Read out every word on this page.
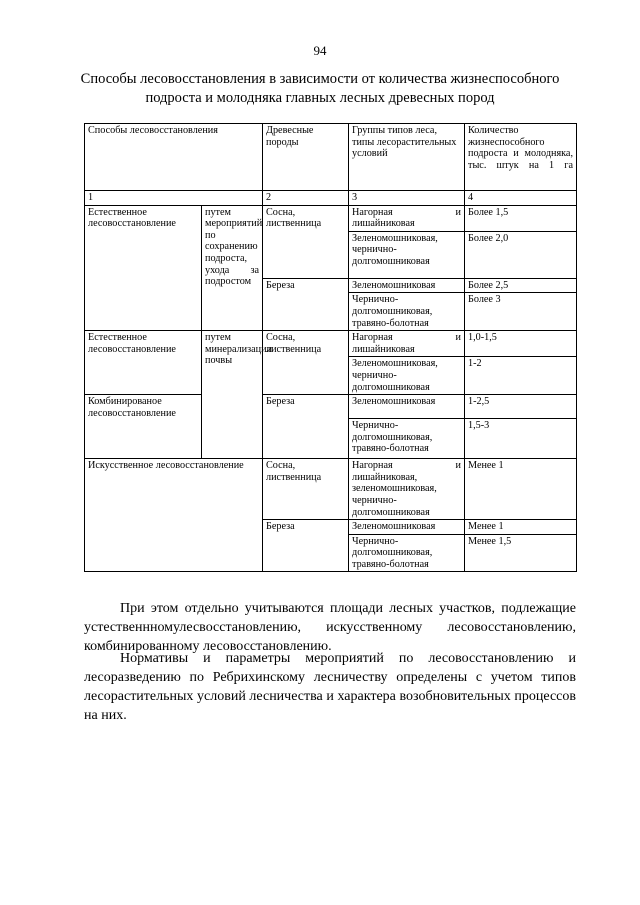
94
Способы лесовосстановления в зависимости от количества жизнеспособного
подроста и молодняка главных лесных древесных пород
Способы лесовосстановления		Древесные породы	Группы типов леса, типы лесорастительных условий	Количество жизнеспособного подроста и молодняка, тыс. штук на 1 га
1		2	3	4
Естественное лесовосстановление	путем мероприятий по сохранению подроста, ухода за подростом	Сосна, лиственница	Нагорная и лишайниковая	Более 1,5
			Зеленомошниковая, чернично-долгомошниковая	Более 2,0
		Береза	Зеленомошниковая	Более 2,5
			Чернично-долгомошниковая, травяно-болотная	Более 3
Естественное лесовосстановление	путем минерализации почвы	Сосна, лиственница	Нагорная и лишайниковая	1,0-1,5
			Зеленомошниковая, чернично-долгомошниковая	1-2
Комбинированое лесовосстановление		Береза	Зеленомошниковая	1-2,5
			Чернично-долгомошниковая, травяно-болотная	1,5-3
Искусственное лесовосстановление		Сосна, лиственница	Нагорная и лишайниковая, зеленомошниковая, чернично-долгомошниковая	Менее 1
		Береза	Зеленомошниковая	Менее 1
			Чернично-долгомошниковая, травяно-болотная	Менее 1,5
При этом отдельно учитываются площади лесных участков, подлежащие устественнномулесвосстановлению, искусственному лесовосстановлению, комбинированному лесовосстановлению.
Нормативы и параметры мероприятий по лесовосстановлению и лесоразведению по Ребрихинскому лесничеству определены с учетом типов лесорастительных условий лесничества и характера возобновительных процессов на них.
